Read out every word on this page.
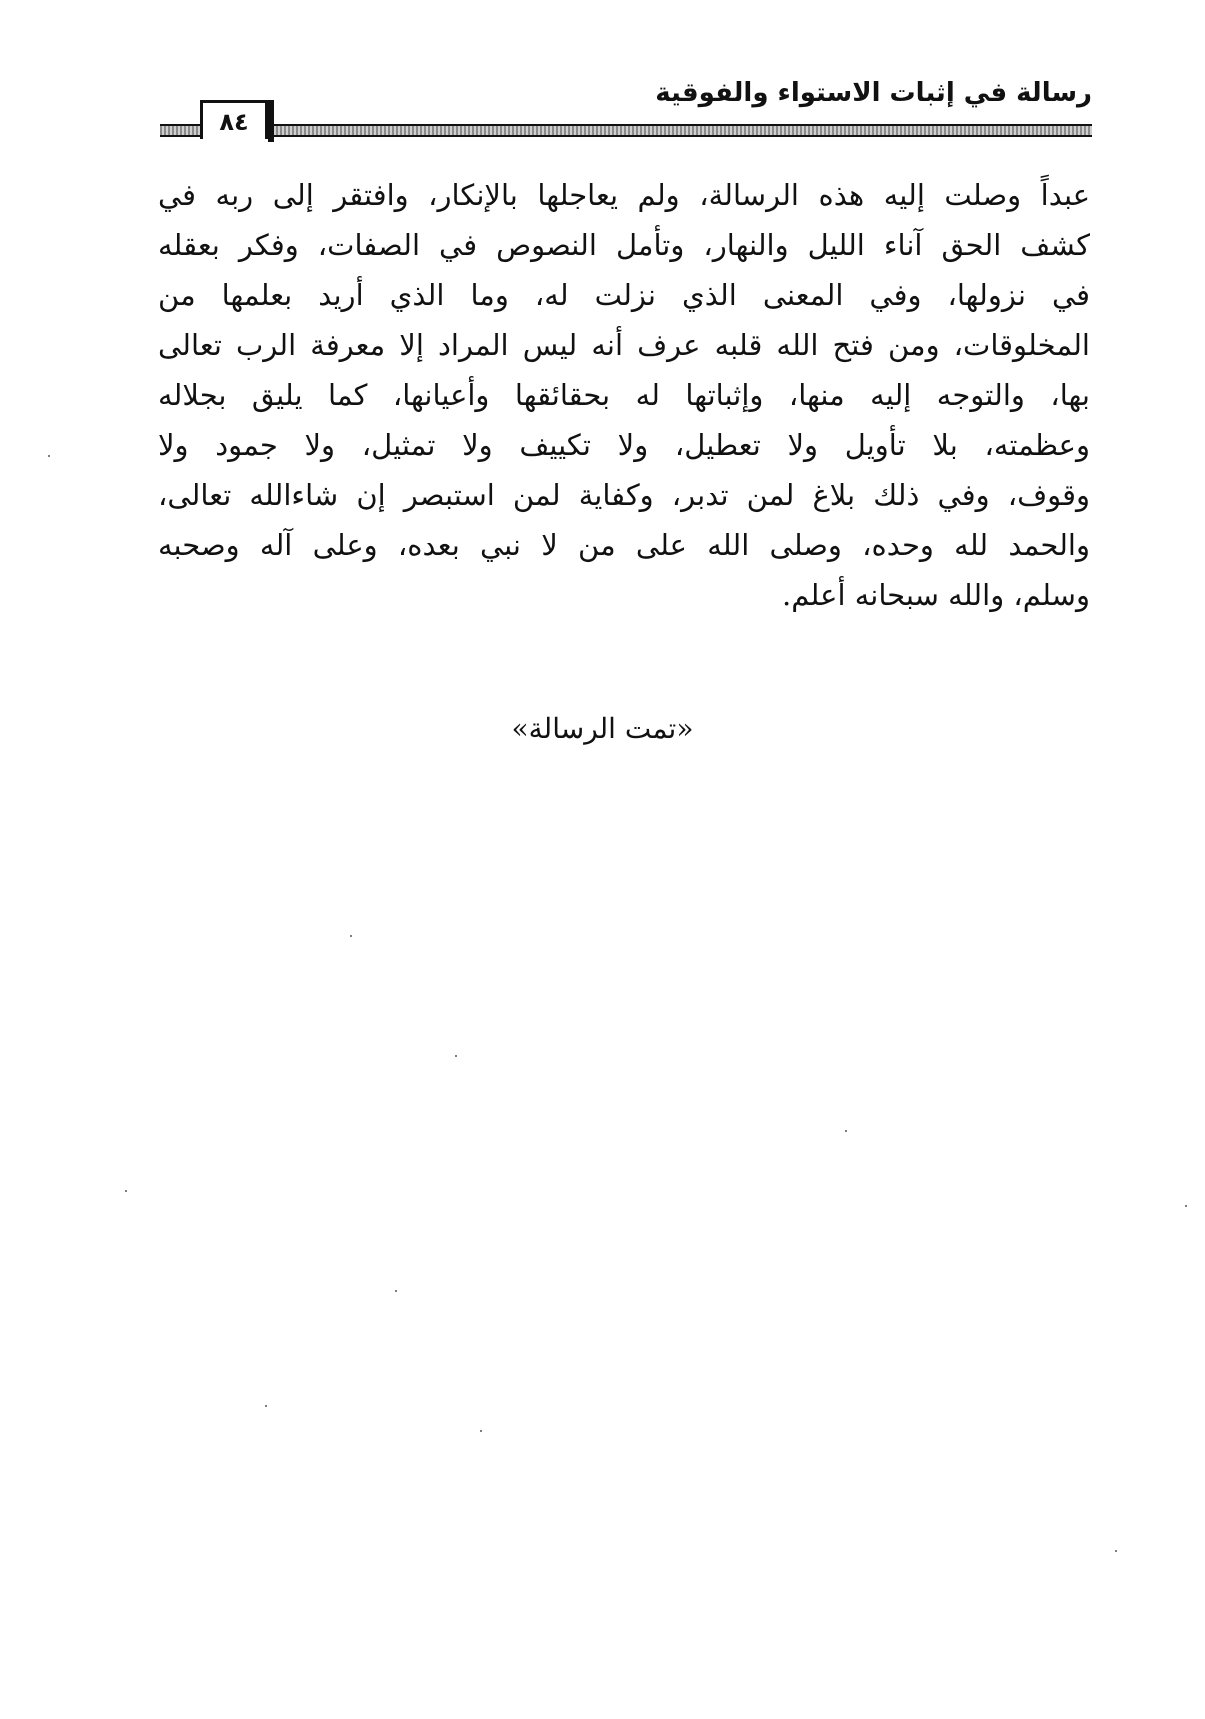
رسالة في إثبات الاستواء والفوقية
٨٤
عبداً وصلت إليه هذه الرسالة، ولم يعاجلها بالإنكار، وافتقر إلى ربه في
كشف الحق آناء الليل والنهار، وتأمل النصوص في الصفات، وفكر بعقله
في نزولها، وفي المعنى الذي نزلت له، وما الذي أريد بعلمها من
المخلوقات، ومن فتح الله قلبه عرف أنه ليس المراد إلا معرفة الرب تعالى
بها، والتوجه إليه منها، وإثباتها له بحقائقها وأعيانها، كما يليق بجلاله
وعظمته، بلا تأويل ولا تعطيل، ولا تكييف ولا تمثيل، ولا جمود ولا
وقوف، وفي ذلك بلاغ لمن تدبر، وكفاية لمن استبصر إن شاءالله تعالى،
والحمد لله وحده، وصلى الله على من لا نبي بعده، وعلى آله وصحبه
وسلم، والله سبحانه أعلم.
«تمت الرسالة»
